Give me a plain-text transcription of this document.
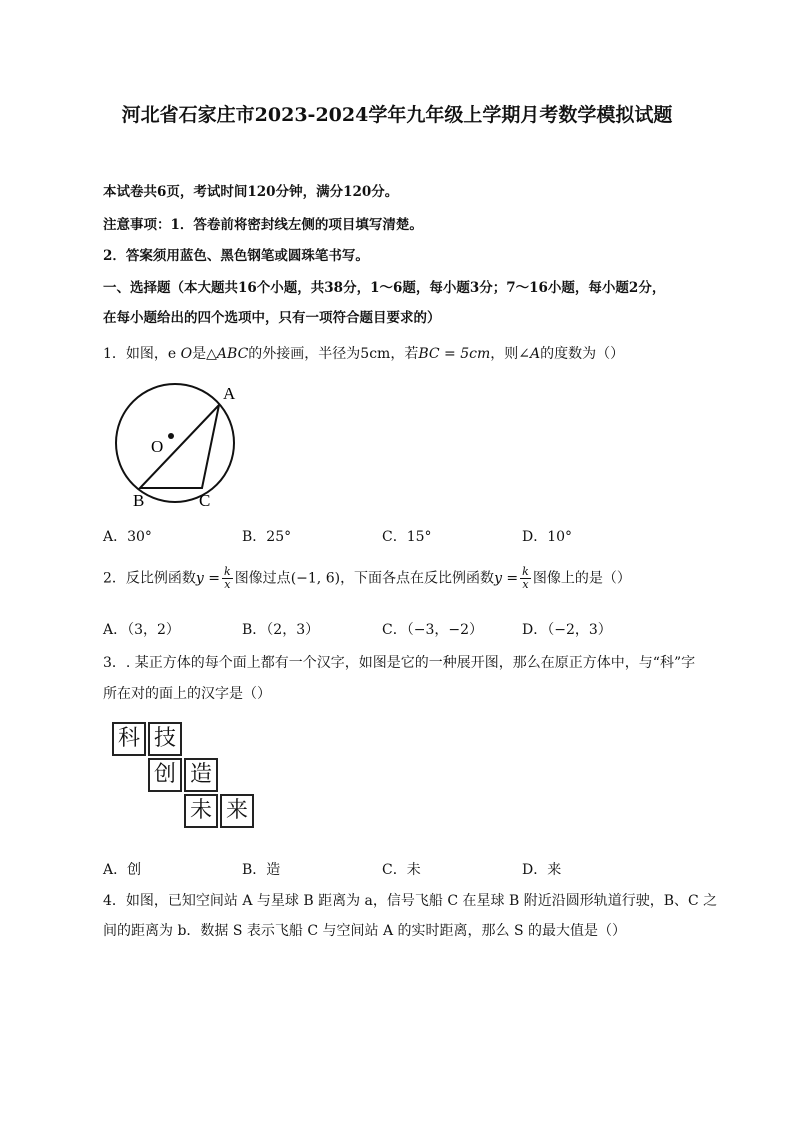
河北省石家庄市2023-2024学年九年级上学期月考数学模拟试题
本试卷共6页，考试时间120分钟，满分120分。
注意事项：1．答卷前将密封线左侧的项目填写清楚。
2．答案须用蓝色、黑色钢笔或圆珠笔书写。
一、选择题（本大题共16个小题，共38分，1～6题，每小题3分；7～16小题，每小题2分，
在每小题给出的四个选项中，只有一项符合题目要求的）
1．如图，e O是△ABC的外接画，半径为5cm，若BC = 5cm，则∠A的度数为（）
A
B	C
O
A．30°	B．25°	C．15°	D．10°
2．反比例函数$y = \frac{k}{x}$ 图像过点(−1, 6)，下面各点在反比例函数$y = \frac{k}{x}$ 图像上的是（）
A．（3，2）	B．（2，3）	C．（−3，−2）	D．（−2，3）
3．. 某正方体的每个面上都有一个汉字，如图是它的一种展开图，那么在原正方体中，与“科”字
所在对的面上的汉字是（）
科 技
创 造
未 来
A．创	B．造	C．未	D．来
4．如图，已知空间站 A 与星球 B 距离为 a，信号飞船 C 在星球 B 附近沿圆形轨道行驶，B、C 之
间的距离为 b．数据 S 表示飞船 C 与空间站 A 的实时距离，那么 S 的最大值是（）
